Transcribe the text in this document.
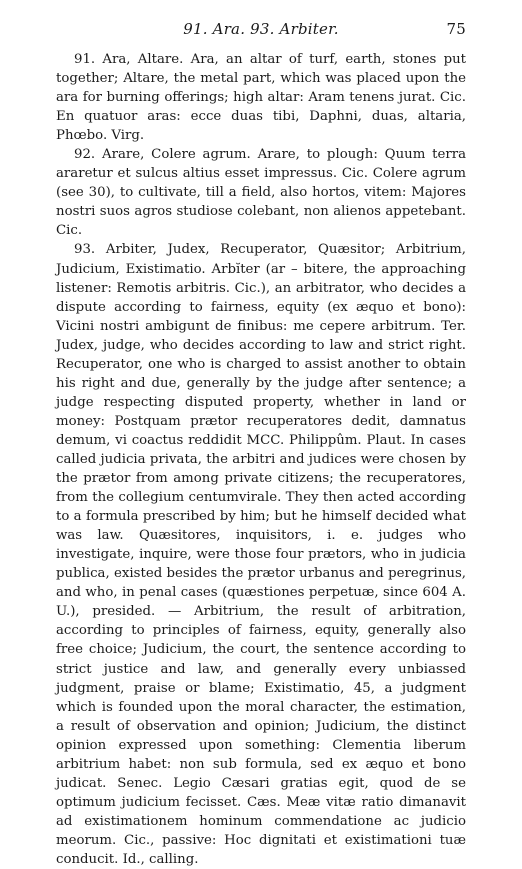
91. Ara. 93. Arbiter.	75

91. Ara, Altare. Ara, an altar of turf, earth, stones put together; Altare, the metal part, which was placed upon the ara for burning offerings; high altar: Aram tenens jurat. Cic. En quatuor aras: ecce duas tibi, Daphni, duas, altaria, Phœbo. Virg.

92. Arare, Colere agrum. Arare, to plough: Quum terra araretur et sulcus altius esset impressus. Cic. Colere agrum (see 30), to cultivate, till a field, also hortos, vitem: Majores nostri suos agros studiose colebant, non alienos appetebant. Cic.

93. Arbiter, Judex, Recuperator, Quæsitor; Arbitrium, Judicium, Existimatio. Arbĭter (ar – bitere, the approaching listener: Remotis arbitris. Cic.), an arbitrator, who decides a dispute according to fairness, equity (ex æquo et bono): Vicini nostri ambigunt de finibus: me cepere arbitrum. Ter. Judex, judge, who decides according to law and strict right. Recuperator, one who is charged to assist another to obtain his right and due, generally by the judge after sentence; a judge respecting disputed property, whether in land or money: Postquam prætor recuperatores dedit, damnatus demum, vi coactus reddidit MCC. Philippûm. Plaut. In cases called judicia privata, the arbitri and judices were chosen by the prætor from among private citizens; the recuperatores, from the collegium centumvirale. They then acted according to a formula prescribed by him; but he himself decided what was law. Quæsitores, inquisitors, i. e. judges who investigate, inquire, were those four prætors, who in judicia publica, existed besides the prætor urbanus and peregrinus, and who, in penal cases (quæstiones perpetuæ, since 604 A. U.), presided. — Arbitrium, the result of arbitration, according to principles of fairness, equity, generally also free choice; Judicium, the court, the sentence according to strict justice and law, and generally every unbiassed judgment, praise or blame; Existimatio, 45, a judgment which is founded upon the moral character, the estimation, a result of observation and opinion; Judicium, the distinct opinion expressed upon something: Clementia liberum arbitrium habet: non sub formula, sed ex æquo et bono judicat. Senec. Legio Cæsari gratias egit, quod de se optimum judicium fecisset. Cæs. Meæ vitæ ratio dimanavit ad existimationem hominum commendatione ac judicio meorum. Cic., passive: Hoc dignitati et existimationi tuæ conducit. Id., calling.
